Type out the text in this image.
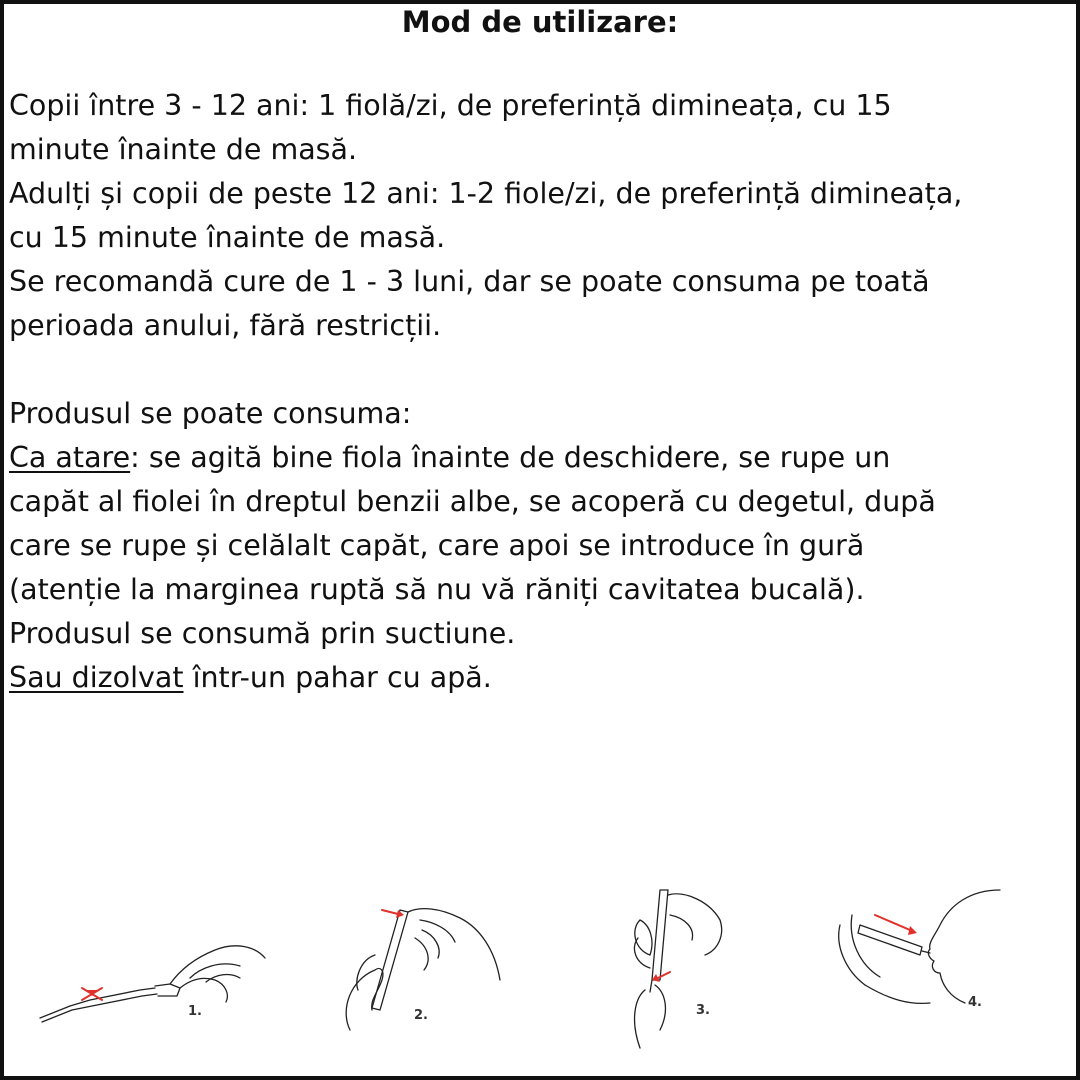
Mod de utilizare:

Copii între 3 - 12 ani: 1 fiolă/zi, de preferință dimineața, cu 15

minute înainte de masă.

Adulți și copii de peste 12 ani: 1-2 fiole/zi, de preferință dimineața,

cu 15 minute înainte de masă.

Se recomandă cure de 1 - 3 luni, dar se poate consuma pe toată

perioada anului, fără restricții.

Produsul se poate consuma:

Ca atare: se agită bine fiola înainte de deschidere, se rupe un

capăt al fiolei în dreptul benzii albe, se acoperă cu degetul, după

care se rupe și celălalt capăt, care apoi se introduce în gură

(atenție la marginea ruptă să nu vă răniți cavitatea bucală).

Produsul se consumă prin suctiune.

Sau dizolvat într-un pahar cu apă.

1.	2.	3.
4.
